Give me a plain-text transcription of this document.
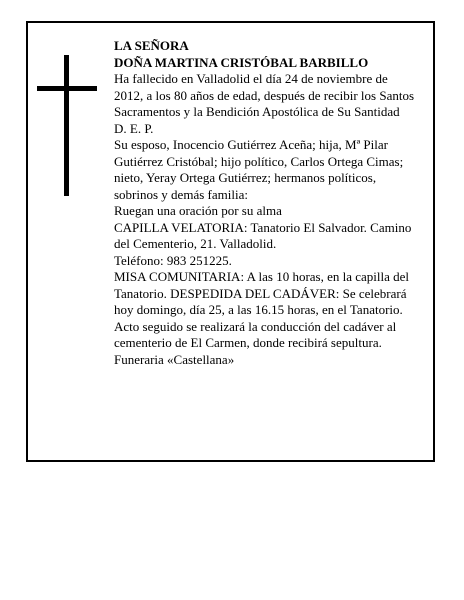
LA SEÑORA

DOÑA MARTINA CRISTÓBAL BARBILLO

Ha fallecido en Valladolid el día 24 de noviembre de 2012, a los 80 años de edad, después de recibir los Santos Sacramentos y la Bendición Apostólica de Su Santidad

D. E. P.

Su esposo, Inocencio Gutiérrez Aceña; hija, Mª Pilar Gutiérrez Cristóbal; hijo político, Carlos Ortega Cimas; nieto, Yeray Ortega Gutiérrez; hermanos políticos, sobrinos y demás familia:

Ruegan una oración por su alma

CAPILLA VELATORIA: Tanatorio El Salvador. Camino del Cementerio, 21. Valladolid.

Teléfono: 983 251225.

MISA COMUNITARIA: A las 10 horas, en la capilla del Tanatorio. DESPEDIDA DEL CADÁVER: Se celebrará hoy domingo, día 25, a las 16.15 horas, en el Tanatorio. Acto seguido se realizará la conducción del cadáver al cementerio de El Carmen, donde recibirá sepultura.

Funeraria «Castellana»
